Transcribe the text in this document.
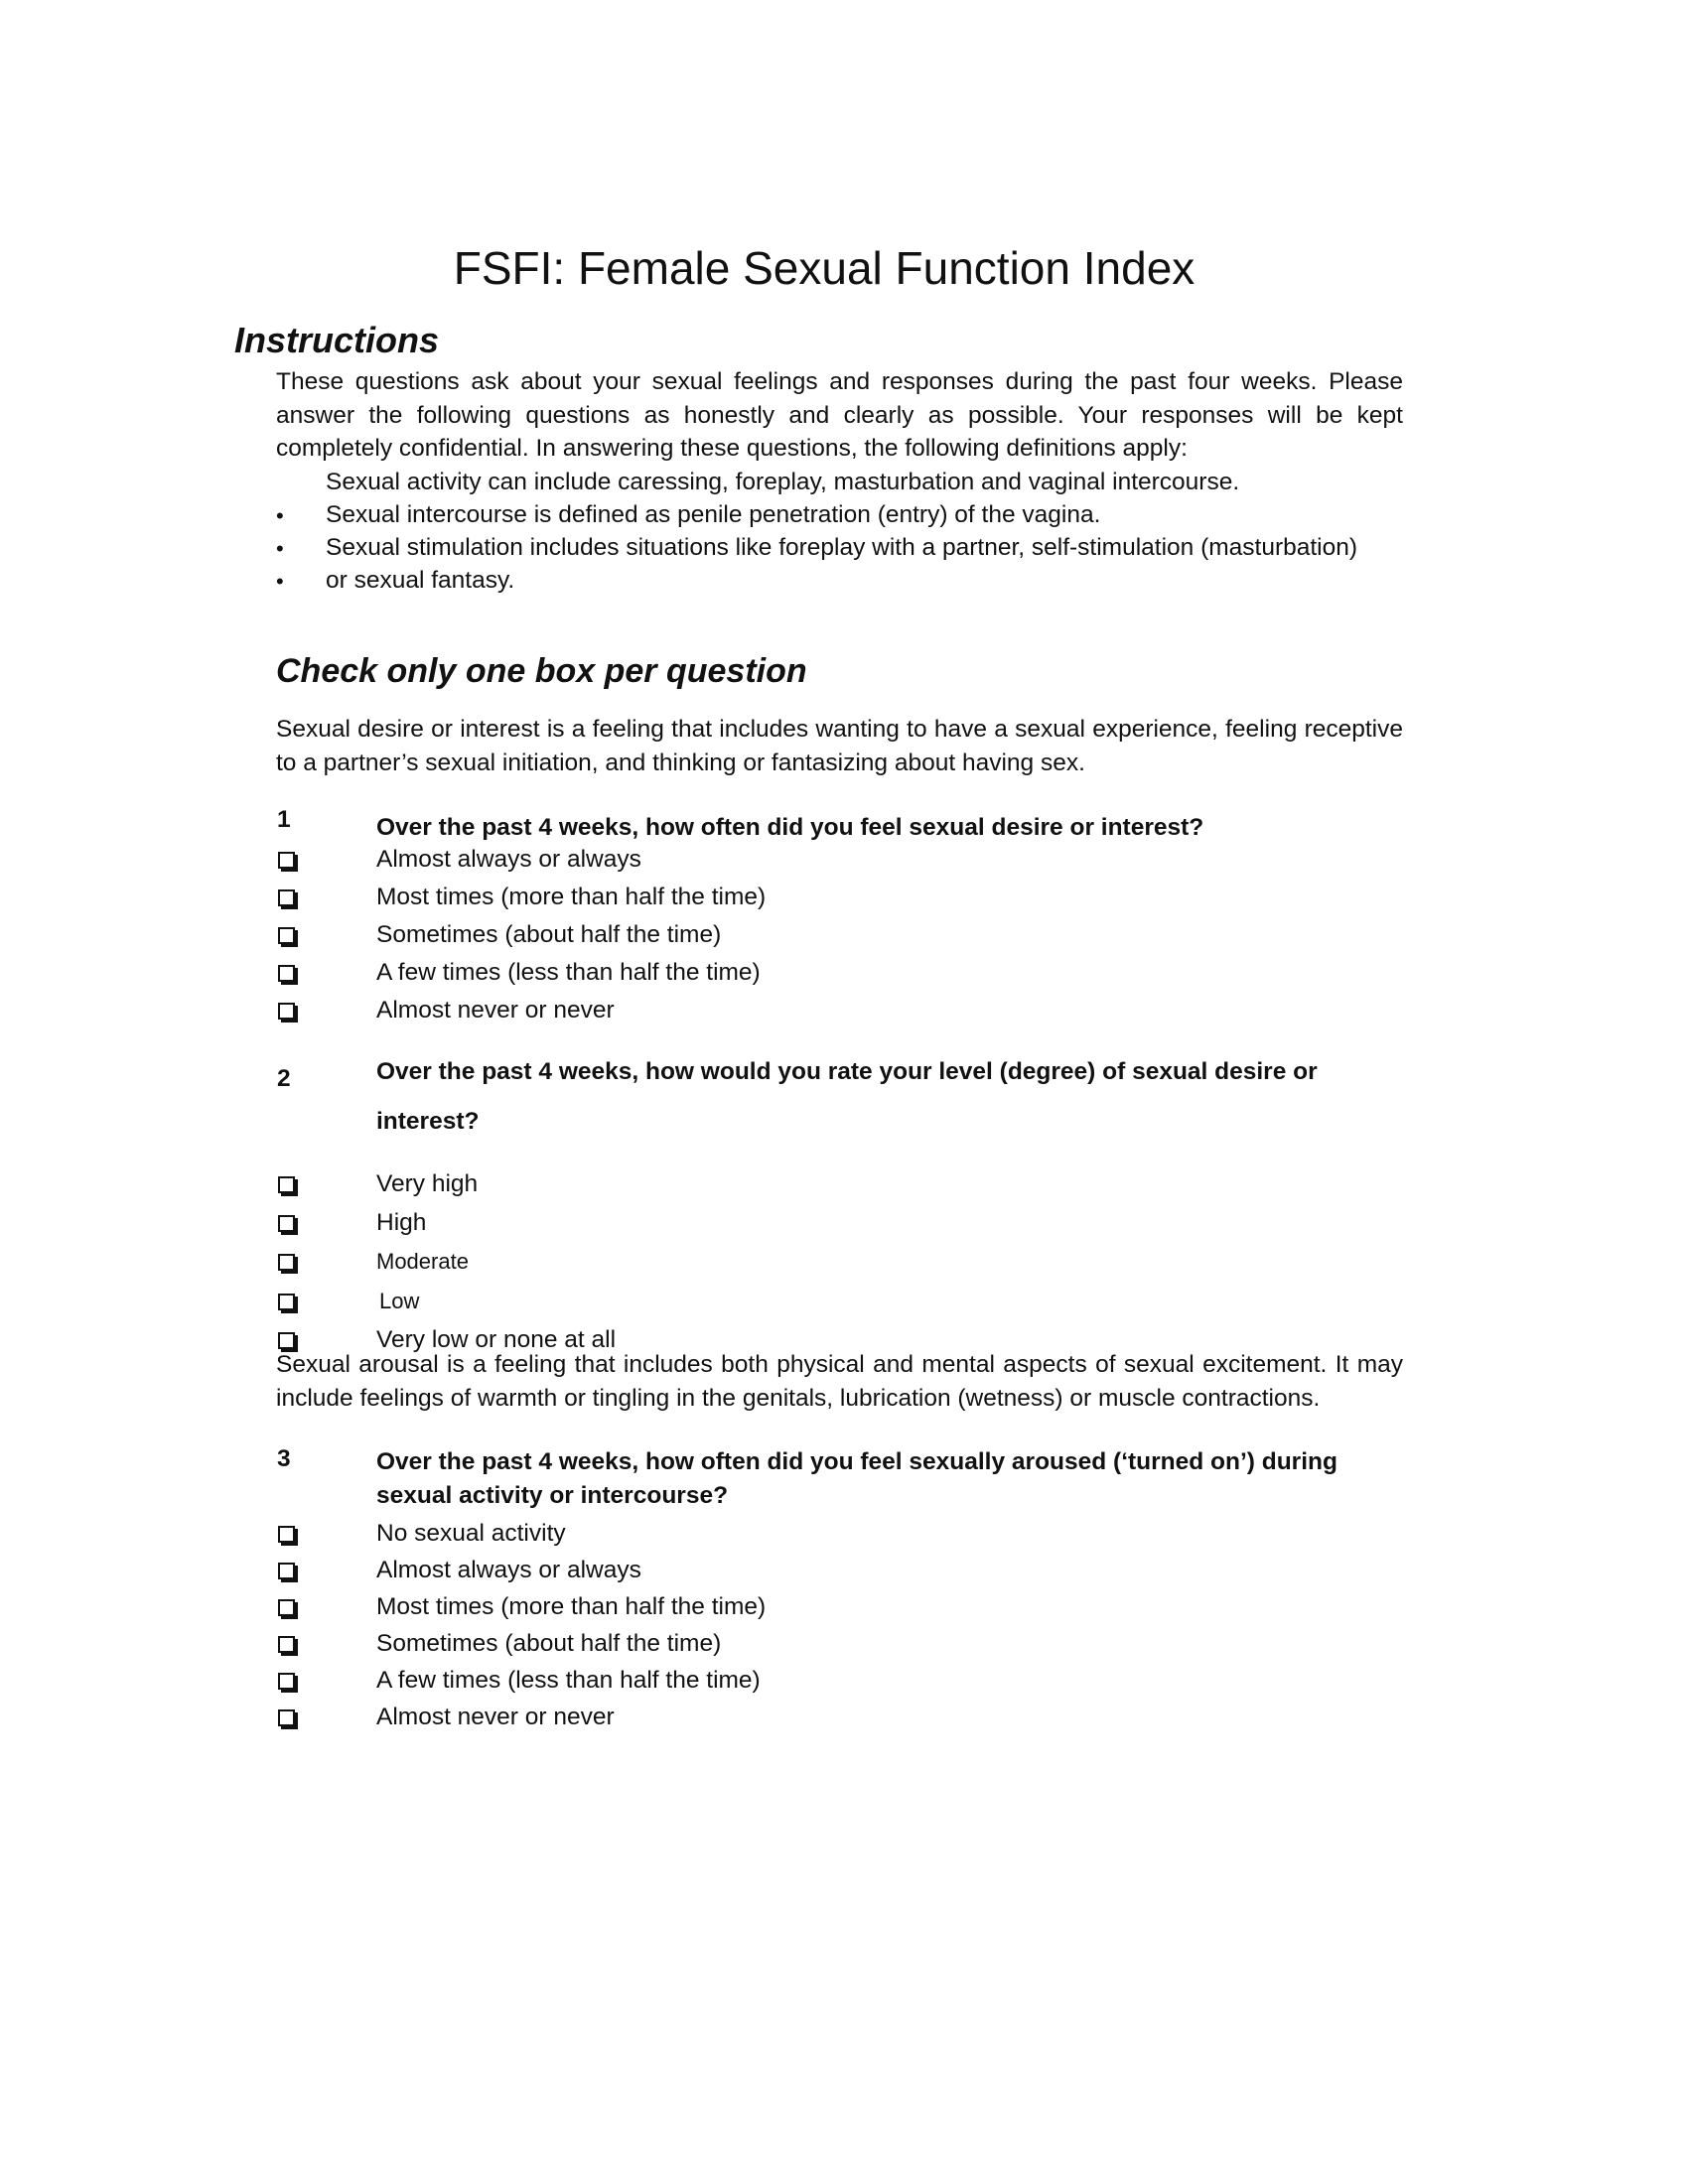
FSFI: Female Sexual Function Index
Instructions
These questions ask about your sexual feelings and responses during the past four weeks. Please answer the following questions as honestly and clearly as possible. Your responses will be kept completely confidential. In answering these questions, the following definitions apply:
Sexual activity can include caressing, foreplay, masturbation and vaginal intercourse.
• Sexual intercourse is defined as penile penetration (entry) of the vagina.
• Sexual stimulation includes situations like foreplay with a partner, self-stimulation (masturbation)
• or sexual fantasy.
Check only one box per question
Sexual desire or interest is a feeling that includes wanting to have a sexual experience, feeling receptive to a partner’s sexual initiation, and thinking or fantasizing about having sex.
1	Over the past 4 weeks, how often did you feel sexual desire or interest?
Almost always or always
Most times (more than half the time)
Sometimes (about half the time)
A few times (less than half the time)
Almost never or never
2	Over the past 4 weeks, how would you rate your level (degree) of sexual desire or
interest?
Very high
High
Moderate
Low
Very low or none at all
Sexual arousal is a feeling that includes both physical and mental aspects of sexual excitement. It may include feelings of warmth or tingling in the genitals, lubrication (wetness) or muscle contractions.
3	Over the past 4 weeks, how often did you feel sexually aroused (‘turned on’) during sexual activity or intercourse?
No sexual activity
Almost always or always
Most times (more than half the time)
Sometimes (about half the time)
A few times (less than half the time)
Almost never or never
